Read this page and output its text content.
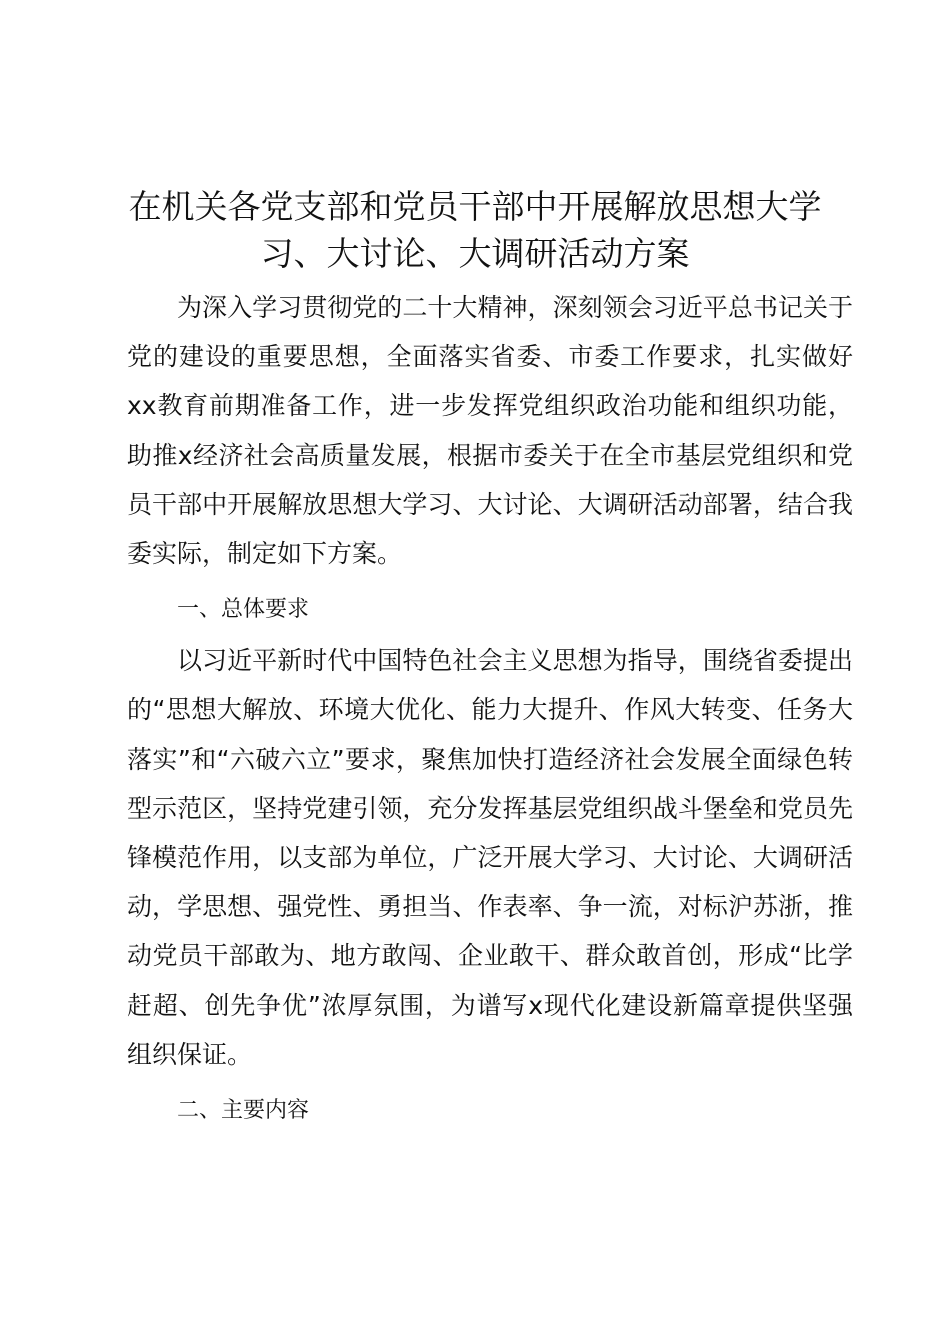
在机关各党支部和党员干部中开展解放思想大学习、大讨论、大调研活动方案

为深入学习贯彻党的二十大精神，深刻领会习近平总书记关于党的建设的重要思想，全面落实省委、市委工作要求，扎实做好xx教育前期准备工作，进一步发挥党组织政治功能和组织功能，助推x经济社会高质量发展，根据市委关于在全市基层党组织和党员干部中开展解放思想大学习、大讨论、大调研活动部署，结合我委实际，制定如下方案。

一、总体要求

以习近平新时代中国特色社会主义思想为指导，围绕省委提出的“思想大解放、环境大优化、能力大提升、作风大转变、任务大落实”和“六破六立”要求，聚焦加快打造经济社会发展全面绿色转型示范区，坚持党建引领，充分发挥基层党组织战斗堡垒和党员先锋模范作用，以支部为单位，广泛开展大学习、大讨论、大调研活动，学思想、强党性、勇担当、作表率、争一流，对标沪苏浙，推动党员干部敢为、地方敢闯、企业敢干、群众敢首创，形成“比学赶超、创先争优”浓厚氛围，为谱写x现代化建设新篇章提供坚强组织保证。

二、主要内容
